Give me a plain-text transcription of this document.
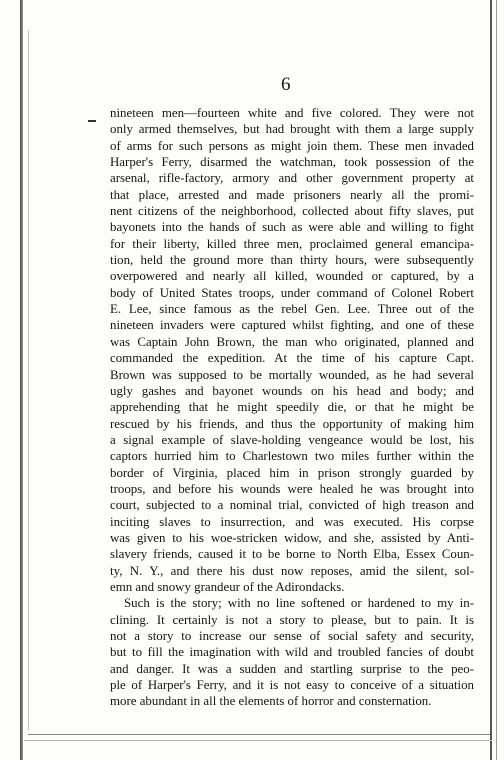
6
nineteen men—fourteen white and five colored. They were not
only armed themselves, but had brought with them a large supply
of arms for such persons as might join them. These men invaded
Harper's Ferry, disarmed the watchman, took possession of the
arsenal, rifle-factory, armory and other government property at
that place, arrested and made prisoners nearly all the promi-
nent citizens of the neighborhood, collected about fifty slaves, put
bayonets into the hands of such as were able and willing to fight
for their liberty, killed three men, proclaimed general emancipa-
tion, held the ground more than thirty hours, were subsequently
overpowered and nearly all killed, wounded or captured, by a
body of United States troops, under command of Colonel Robert
E. Lee, since famous as the rebel Gen. Lee. Three out of the
nineteen invaders were captured whilst fighting, and one of these
was Captain John Brown, the man who originated, planned and
commanded the expedition. At the time of his capture Capt.
Brown was supposed to be mortally wounded, as he had several
ugly gashes and bayonet wounds on his head and body; and
apprehending that he might speedily die, or that he might be
rescued by his friends, and thus the opportunity of making him
a signal example of slave-holding vengeance would be lost, his
captors hurried him to Charlestown two miles further within the
border of Virginia, placed him in prison strongly guarded by
troops, and before his wounds were healed he was brought into
court, subjected to a nominal trial, convicted of high treason and
inciting slaves to insurrection, and was executed. His corpse
was given to his woe-stricken widow, and she, assisted by Anti-
slavery friends, caused it to be borne to North Elba, Essex Coun-
ty, N. Y., and there his dust now reposes, amid the silent, sol-
emn and snowy grandeur of the Adirondacks.
Such is the story; with no line softened or hardened to my in-
clining. It certainly is not a story to please, but to pain. It is
not a story to increase our sense of social safety and security,
but to fill the imagination with wild and troubled fancies of doubt
and danger. It was a sudden and startling surprise to the peo-
ple of Harper's Ferry, and it is not easy to conceive of a situation
more abundant in all the elements of horror and consternation.
